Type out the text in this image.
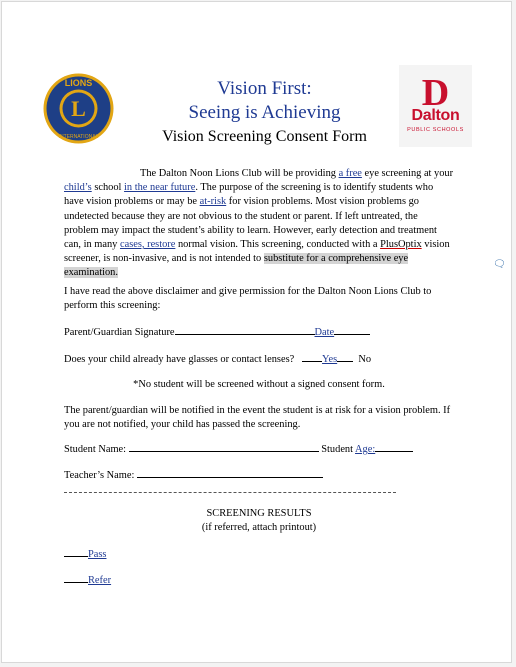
L
LIONS
INTERNATIONAL
D
Dalton
PUBLIC SCHOOLS
Vision First:
Seeing is Achieving
Vision Screening Consent Form
The Dalton Noon Lions Club will be providing a free eye screening at your child’s school in the near future. The purpose of the screening is to identify students who have vision problems or may be at-risk for vision problems. Most vision problems go undetected because they are not obvious to the student or parent. If left untreated, the problem may impact the student’s ability to learn. However, early detection and treatment can, in many cases, restore normal vision. This screening, conducted with a PlusOptix vision screener, is non-invasive, and is not intended to substitute for a comprehensive eye examination.
🗨
I have read the above disclaimer and give permission for the Dalton Noon Lions Club to perform this screening:
Parent/Guardian Signature	Date
Does your child already have glasses or contact lenses?	Yes No
*No student will be screened without a signed consent form.
The parent/guardian will be notified in the event the student is at risk for a vision problem. If you are not notified, your child has passed the screening.
Student Name:	Student Age:
Teacher’s Name:
SCREENING RESULTS
(if referred, attach printout)
Pass
Refer
